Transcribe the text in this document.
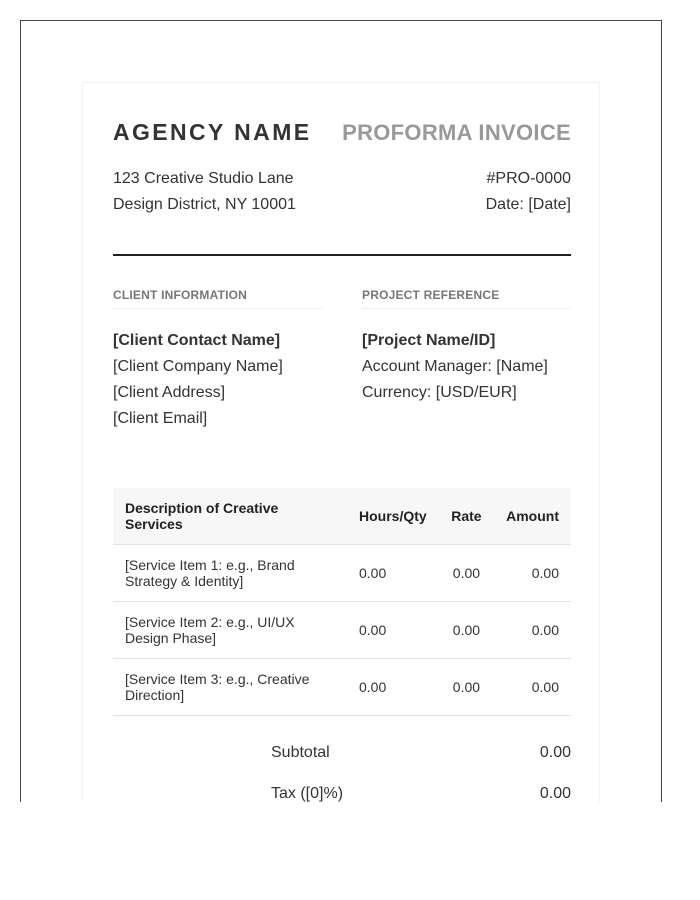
AGENCY NAME PROFORMA INVOICE
123 Creative Studio Lane
Design District, NY 10001
#PRO-0000
Date: [Date]
CLIENT INFORMATION
[Client Contact Name]
[Client Company Name]
[Client Address]
[Client Email]
PROJECT REFERENCE
[Project Name/ID]
Account Manager: [Name]
Currency: [USD/EUR]
Description of Creative Services	Hours/Qty	Rate	Amount
[Service Item 1: e.g., Brand Strategy & Identity]	0.00	0.00	0.00
[Service Item 2: e.g., UI/UX Design Phase]	0.00	0.00	0.00
[Service Item 3: e.g., Creative Direction]	0.00	0.00	0.00
Subtotal	0.00
Tax ([0]%)	0.00
